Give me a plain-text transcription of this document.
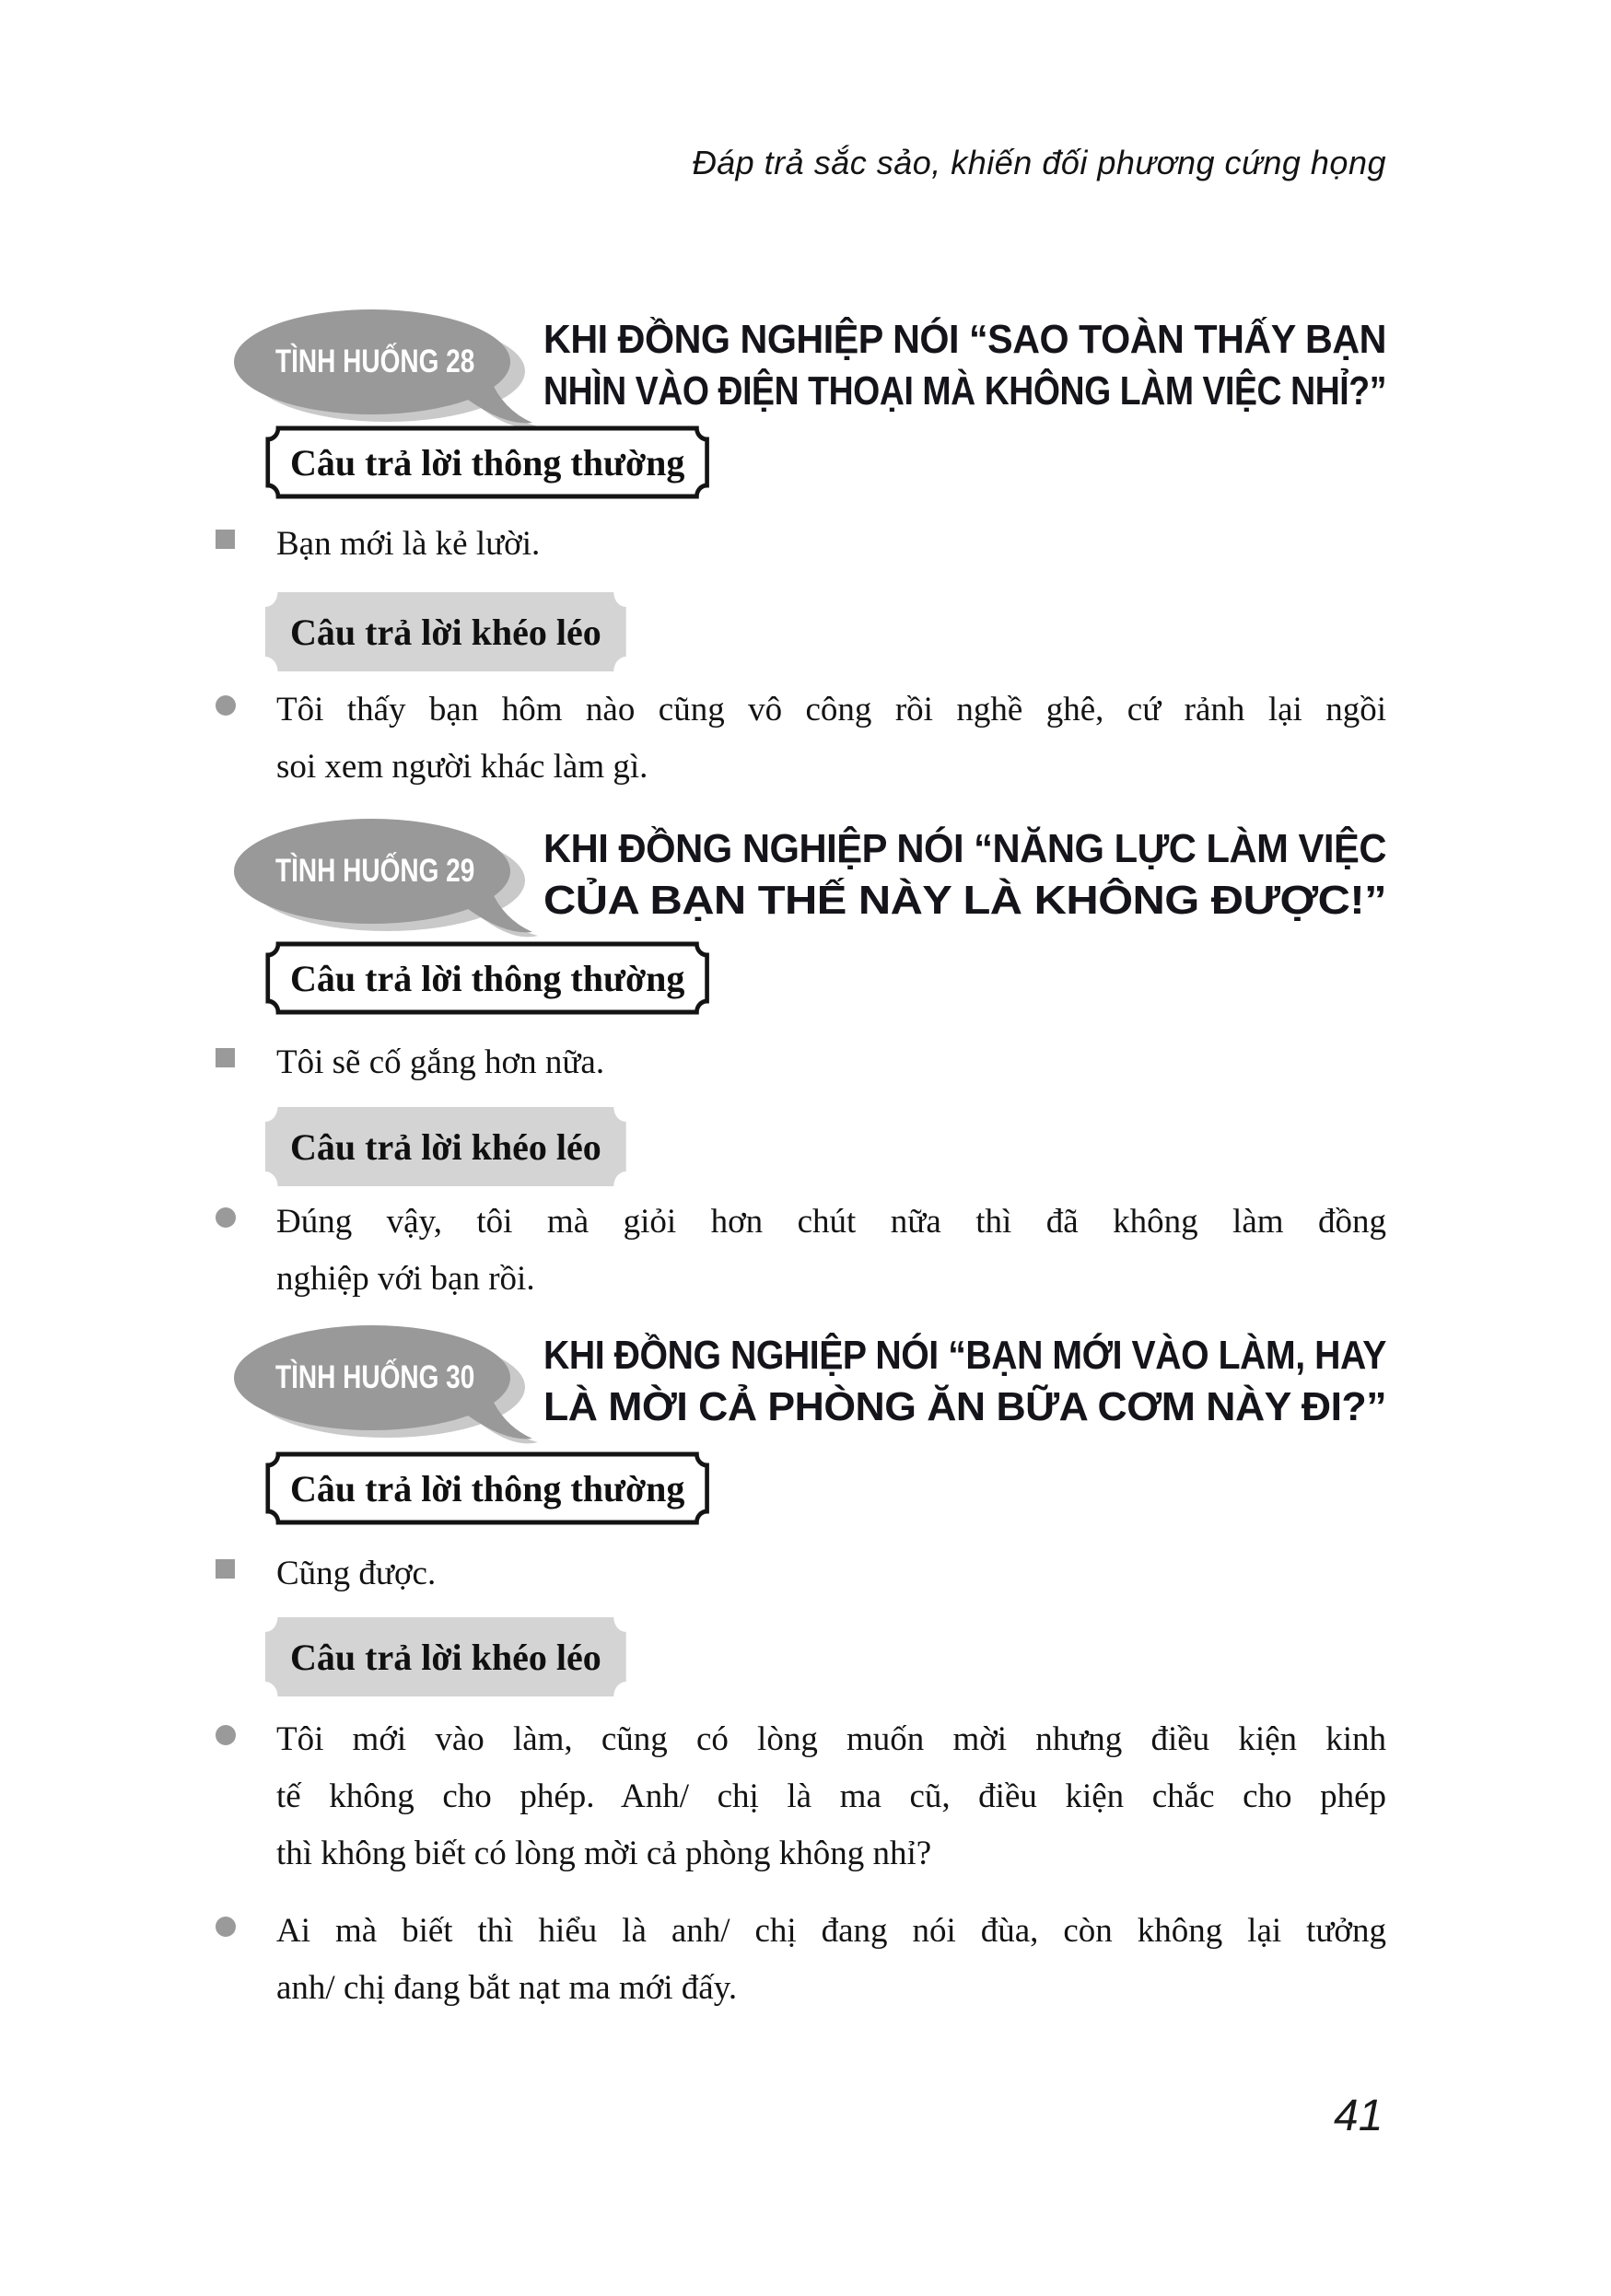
Đáp trả sắc sảo, khiến đối phương cứng họng
TÌNH HUỐNG 28 KHI ĐỒNG NGHIỆP NÓI “SAO TOÀN THẤY BẠN
NHÌN VÀO ĐIỆN THOẠI MÀ KHÔNG LÀM VIỆC NHỈ?”
Câu trả lời thông thường
Bạn mới là kẻ lười.
Câu trả lời khéo léo
Tôi thấy bạn hôm nào cũng vô công rồi nghề ghê, cứ rảnh lại ngồi
soi xem người khác làm gì.
TÌNH HUỐNG 29 KHI ĐỒNG NGHIỆP NÓI “NĂNG LỰC LÀM VIỆC
CỦA BẠN THẾ NÀY LÀ KHÔNG ĐƯỢC!”
Câu trả lời thông thường
Tôi sẽ cố gắng hơn nữa.
Câu trả lời khéo léo
Đúng vậy, tôi mà giỏi hơn chút nữa thì đã không làm đồng
nghiệp với bạn rồi.
TÌNH HUỐNG 30 KHI ĐỒNG NGHIỆP NÓI “BẠN MỚI VÀO LÀM, HAY
LÀ MỜI CẢ PHÒNG ĂN BỮA CƠM NÀY ĐI?”
Câu trả lời thông thường
Cũng được.
Câu trả lời khéo léo
Tôi mới vào làm, cũng có lòng muốn mời nhưng điều kiện kinh
tế không cho phép. Anh/ chị là ma cũ, điều kiện chắc cho phép
thì không biết có lòng mời cả phòng không nhỉ?
Ai mà biết thì hiểu là anh/ chị đang nói đùa, còn không lại tưởng
anh/ chị đang bắt nạt ma mới đấy.
41
